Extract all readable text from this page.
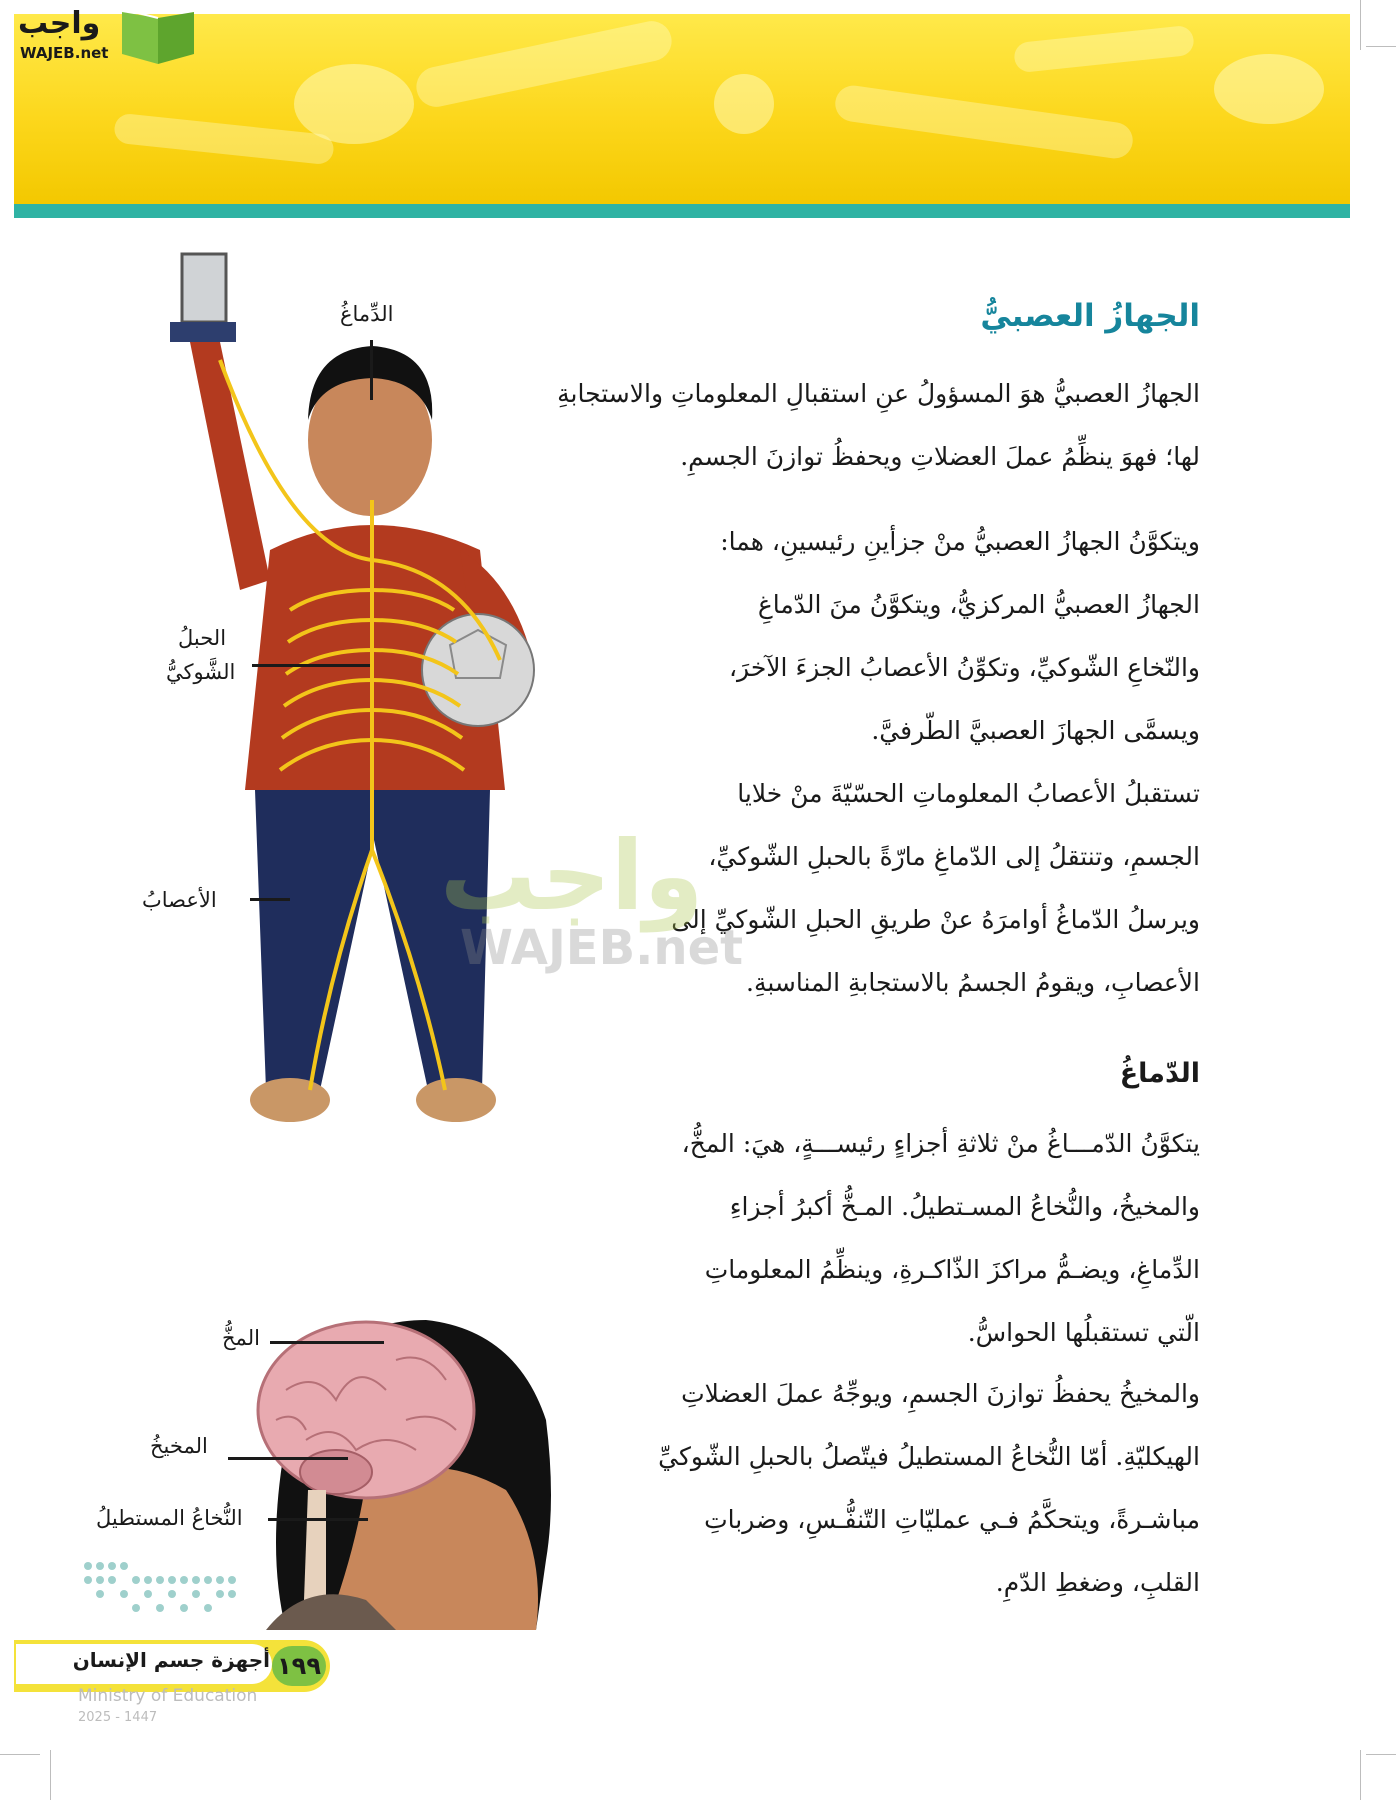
واجب
WAJEB.net
الجهازُ العصبيُّ
الجهازُ العصبيُّ هوَ المسؤولُ عنِ استقبالِ المعلوماتِ والاستجابةِ
لها؛ فهوَ ينظِّمُ عملَ العضلاتِ ويحفظُ توازنَ الجسمِ.
ويتكوَّنُ الجهازُ العصبيُّ منْ جزأينِ رئيسينِ، هما:
الجهازُ العصبيُّ المركزيُّ، ويتكوَّنُ منَ الدّماغِ
والنّخاعِ الشّوكيِّ، وتكوِّنُ الأعصابُ الجزءَ الآخرَ،
ويسمَّى الجهازَ العصبيَّ الطّرفيَّ.
تستقبلُ الأعصابُ المعلوماتِ الحسّيّةَ منْ خلايا
الجسمِ، وتنتقلُ إلى الدّماغِ مارّةً بالحبلِ الشّوكيِّ،
ويرسلُ الدّماغُ أوامرَهُ عنْ طريقِ الحبلِ الشّوكيِّ إلى
الأعصابِ، ويقومُ الجسمُ بالاستجابةِ المناسبةِ.
الدّماغُ
يتكوَّنُ الدّمـــاغُ منْ ثلاثةِ أجزاءٍ رئيســـةٍ، هيَ: المخُّ،
والمخيخُ، والنُّخاعُ المسـتطيلُ. المـخُّ أكبرُ أجزاءِ
الدِّماغِ، ويضـمُّ مراكزَ الذّاكـرةِ، وينظِّمُ المعلوماتِ
الّتي تستقبلُها الحواسُّ.
والمخيخُ يحفظُ توازنَ الجسمِ، ويوجِّهُ عملَ العضلاتِ
الهيكليّةِ. أمّا النُّخاعُ المستطيلُ فيتّصلُ بالحبلِ الشّوكيِّ
مباشـرةً، ويتحكَّمُ فـي عمليّاتِ التّنفُّـسِ، وضرباتِ
القلبِ، وضغطِ الدّمِ.
الدِّماغُ
الحبلُ
الشَّوكيُّ
الأعصابُ
المخُّ
المخيخُ
النُّخاعُ المستطيلُ
واجب
WAJEB.net
١٩٩
أجهزة جسم الإنسان
Ministry of Education
2025 - 1447
